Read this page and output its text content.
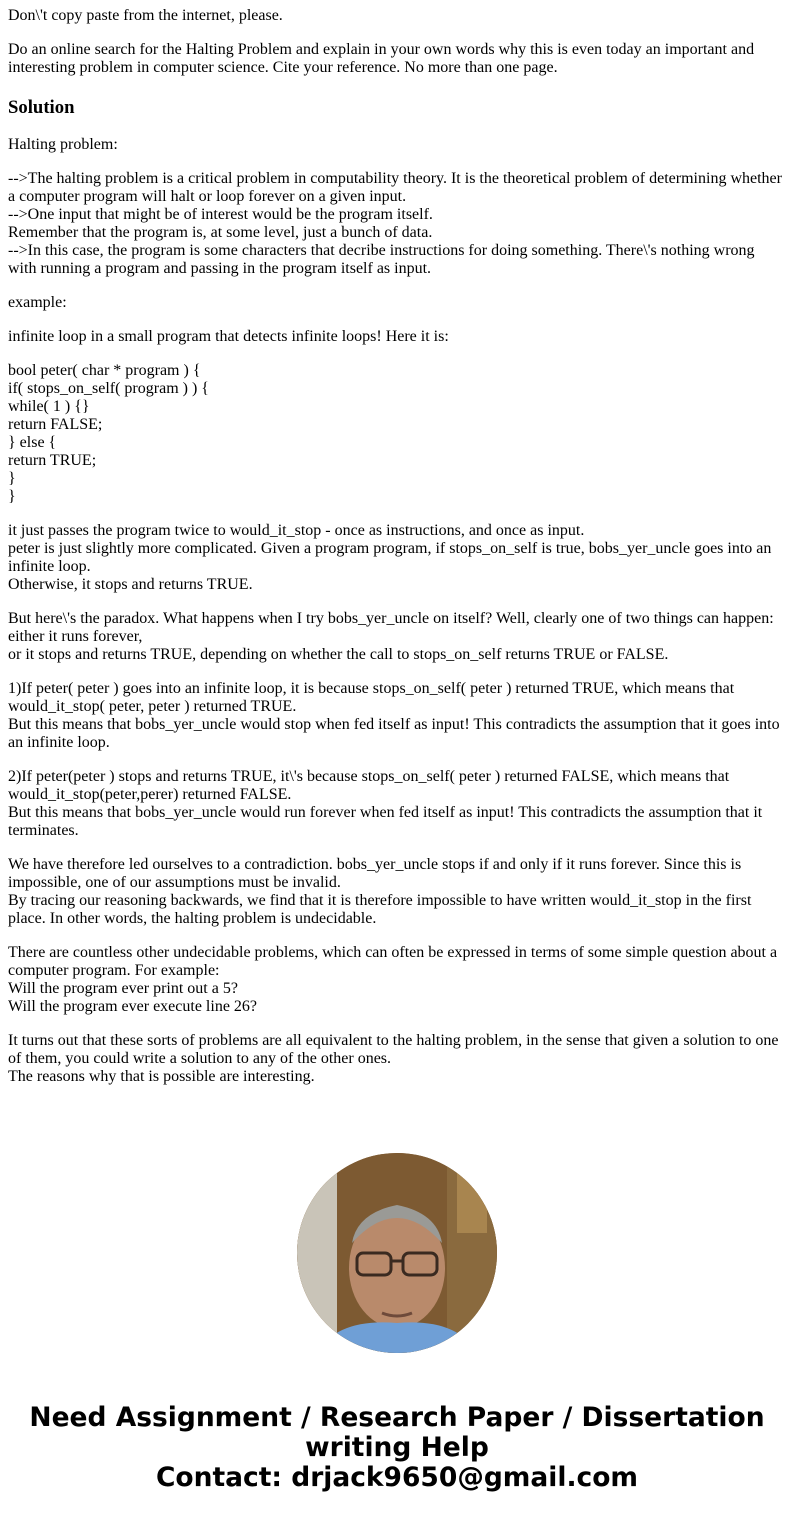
Don\'t copy paste from the internet, please.

Do an online search for the Halting Problem and explain in your own words why this is even today an important and interesting problem in computer science. Cite your reference. No more than one page.

Solution

Halting problem:

-->The halting problem is a critical problem in computability theory. It is the theoretical problem of determining whether a computer program will halt or loop forever on a given input.
-->One input that might be of interest would be the program itself.
Remember that the program is, at some level, just a bunch of data.
-->In this case, the program is some characters that decribe instructions for doing something. There\'s nothing wrong with running a program and passing in the program itself as input.

example:

infinite loop in a small program that detects infinite loops! Here it is:

bool peter( char * program ) {
if( stops_on_self( program ) ) {
while( 1 ) {}
return FALSE;
} else {
return TRUE;
}
}

it just passes the program twice to would_it_stop - once as instructions, and once as input.
peter is just slightly more complicated. Given a program program, if stops_on_self is true, bobs_yer_uncle goes into an infinite loop.
Otherwise, it stops and returns TRUE.

But here\'s the paradox. What happens when I try bobs_yer_uncle on itself? Well, clearly one of two things can happen: either it runs forever,
or it stops and returns TRUE, depending on whether the call to stops_on_self returns TRUE or FALSE.

1)If peter( peter ) goes into an infinite loop, it is because stops_on_self( peter ) returned TRUE, which means that would_it_stop( peter, peter ) returned TRUE.
But this means that bobs_yer_uncle would stop when fed itself as input! This contradicts the assumption that it goes into an infinite loop.

2)If peter(peter ) stops and returns TRUE, it\'s because stops_on_self( peter ) returned FALSE, which means that would_it_stop(peter,perer) returned FALSE.
But this means that bobs_yer_uncle would run forever when fed itself as input! This contradicts the assumption that it terminates.

We have therefore led ourselves to a contradiction. bobs_yer_uncle stops if and only if it runs forever. Since this is impossible, one of our assumptions must be invalid.
By tracing our reasoning backwards, we find that it is therefore impossible to have written would_it_stop in the first place. In other words, the halting problem is undecidable.

There are countless other undecidable problems, which can often be expressed in terms of some simple question about a computer program. For example:
Will the program ever print out a 5?
Will the program ever execute line 26?

It turns out that these sorts of problems are all equivalent to the halting problem, in the sense that given a solution to one of them, you could write a solution to any of the other ones.
The reasons why that is possible are interesting.

Need Assignment / Research Paper / Dissertation
writing Help
Contact: drjack9650@gmail.com
